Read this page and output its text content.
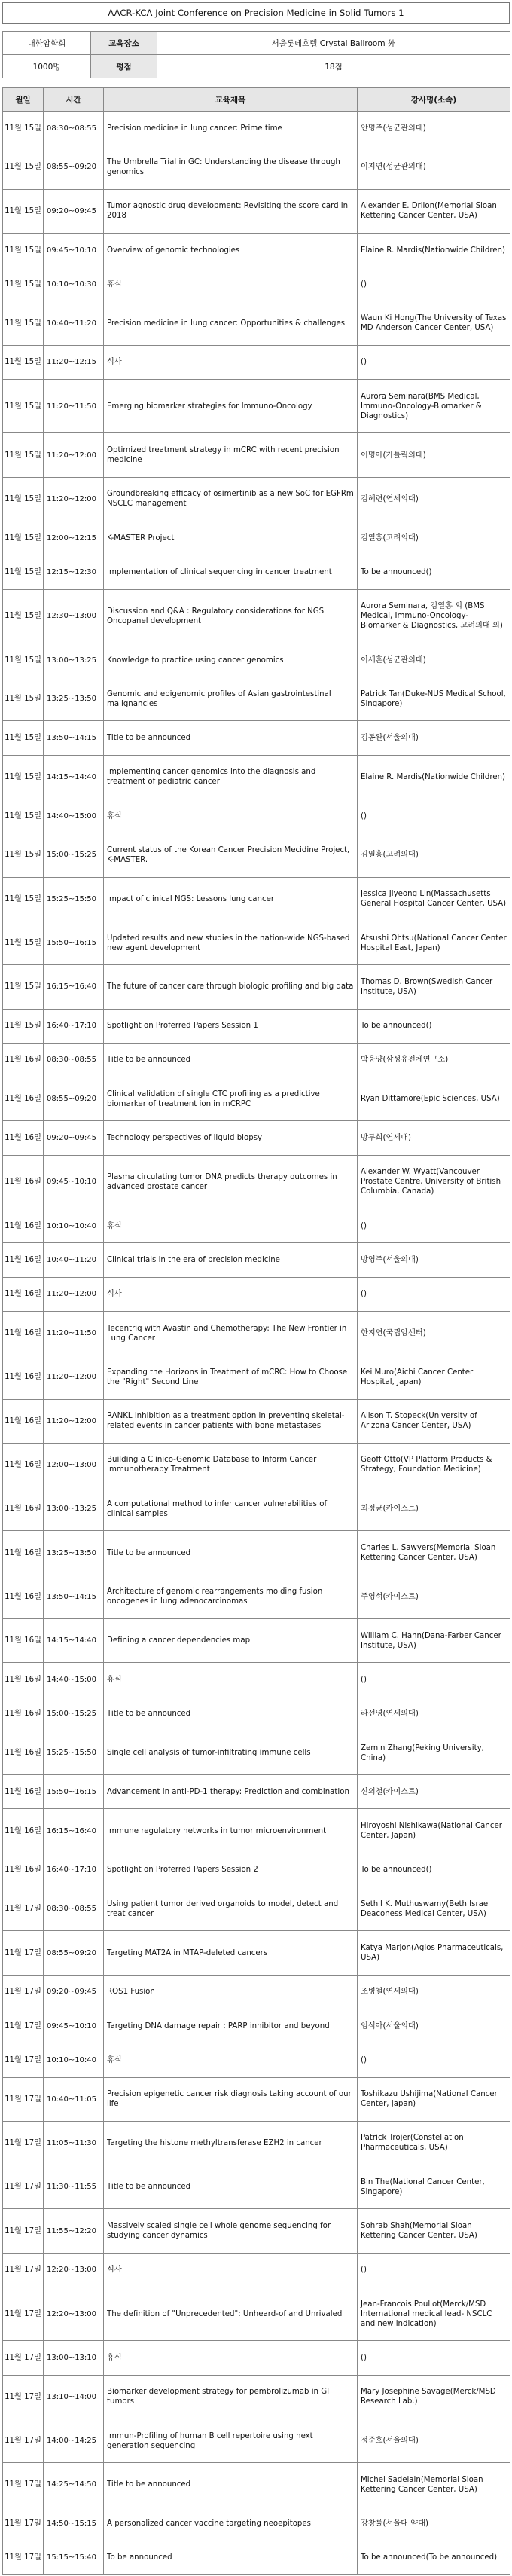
AACR-KCA Joint Conference on Precision Medicine in Solid Tumors 1
대한암학회	교육장소	서울롯데호텔 Crystal Ballroom 外
1000명	평점	18점
월일	시간	교육제목	강사명(소속)
11월 15일	08:30~08:55	Precision medicine in lung cancer: Prime time	안명주(성균관의대)
11월 15일	08:55~09:20	The Umbrella Trial in GC: Understanding the disease through genomics	이지연(성균관의대)
11월 15일	09:20~09:45	Tumor agnostic drug development: Revisiting the score card in 2018	Alexander E. Drilon(Memorial Sloan Kettering Cancer Center, USA)
11월 15일	09:45~10:10	Overview of genomic technologies	Elaine R. Mardis(Nationwide Children)
11월 15일	10:10~10:30	휴식	()
11월 15일	10:40~11:20	Precision medicine in lung cancer: Opportunities & challenges	Waun Ki Hong(The University of Texas MD Anderson Cancer Center, USA)
11월 15일	11:20~12:15	식사	()
11월 15일	11:20~11:50	Emerging biomarker strategies for Immuno-Oncology	Aurora Seminara(BMS Medical, Immuno-Oncology-Biomarker & Diagnostics)
11월 15일	11:20~12:00	Optimized treatment strategy in mCRC with recent precision medicine	이명아(가톨릭의대)
11월 15일	11:20~12:00	Groundbreaking efficacy of osimertinib as a new SoC for EGFRm NSCLC management	김혜련(연세의대)
11월 15일	12:00~12:15	K-MASTER Project	김열홍(고려의대)
11월 15일	12:15~12:30	Implementation of clinical sequencing in cancer treatment	To be announced()
11월 15일	12:30~13:00	Discussion and Q&A : Regulatory considerations for NGS Oncopanel development	Aurora Seminara, 김열홍 외 (BMS Medical, Immuno-Oncology-Biomarker & Diagnostics, 고려의대 외)
11월 15일	13:00~13:25	Knowledge to practice using cancer genomics	이세훈(성균관의대)
11월 15일	13:25~13:50	Genomic and epigenomic profiles of Asian gastrointestinal malignancies	Patrick Tan(Duke-NUS Medical School, Singapore)
11월 15일	13:50~14:15	Title to be announced	김동완(서울의대)
11월 15일	14:15~14:40	Implementing cancer genomics into the diagnosis and treatment of pediatric cancer	Elaine R. Mardis(Nationwide Children)
11월 15일	14:40~15:00	휴식	()
11월 15일	15:00~15:25	Current status of the Korean Cancer Precision Mecidine Project, K-MASTER.	김열홍(고려의대)
11월 15일	15:25~15:50	Impact of clinical NGS: Lessons lung cancer	Jessica Jiyeong Lin(Massachusetts General Hospital Cancer Center, USA)
11월 15일	15:50~16:15	Updated results and new studies in the nation-wide NGS-based new agent development	Atsushi Ohtsu(National Cancer Center Hospital East, Japan)
11월 15일	16:15~16:40	The future of cancer care through biologic profiling and big data	Thomas D. Brown(Swedish Cancer Institute, USA)
11월 15일	16:40~17:10	Spotlight on Proferred Papers Session 1	To be announced()
11월 16일	08:30~08:55	Title to be announced	박웅양(삼성유전체연구소)
11월 16일	08:55~09:20	Clinical validation of single CTC profiling as a predictive biomarker of treatment ion in mCRPC	Ryan Dittamore(Epic Sciences, USA)
11월 16일	09:20~09:45	Technology perspectives of liquid biopsy	방두희(연세대)
11월 16일	09:45~10:10	Plasma circulating tumor DNA predicts therapy outcomes in advanced prostate cancer	Alexander W. Wyatt(Vancouver Prostate Centre, University of British Columbia, Canada)
11월 16일	10:10~10:40	휴식	()
11월 16일	10:40~11:20	Clinical trials in the era of precision medicine	방영주(서울의대)
11월 16일	11:20~12:00	식사	()
11월 16일	11:20~11:50	Tecentriq with Avastin and Chemotherapy: The New Frontier in Lung Cancer	한지연(국립암센터)
11월 16일	11:20~12:00	Expanding the Horizons in Treatment of mCRC: How to Choose the "Right" Second Line	Kei Muro(Aichi Cancer Center Hospital, Japan)
11월 16일	11:20~12:00	RANKL inhibition as a treatment option in preventing skeletal-related events in cancer patients with bone metastases	Alison T. Stopeck(University of Arizona Cancer Center, USA)
11월 16일	12:00~13:00	Building a Clinico-Genomic Database to Inform Cancer Immunotherapy Treatment	Geoff Otto(VP Platform Products & Strategy, Foundation Medicine)
11월 16일	13:00~13:25	A computational method to infer cancer vulnerabilities of clinical samples	최정균(카이스트)
11월 16일	13:25~13:50	Title to be announced	Charles L. Sawyers(Memorial Sloan Kettering Cancer Center, USA)
11월 16일	13:50~14:15	Architecture of genomic rearrangements molding fusion oncogenes in lung adenocarcinomas	주영석(카이스트)
11월 16일	14:15~14:40	Defining a cancer dependencies map	William C. Hahn(Dana-Farber Cancer Institute, USA)
11월 16일	14:40~15:00	휴식	()
11월 16일	15:00~15:25	Title to be announced	라선영(연세의대)
11월 16일	15:25~15:50	Single cell analysis of tumor-infiltrating immune cells	Zemin Zhang(Peking University, China)
11월 16일	15:50~16:15	Advancement in anti-PD-1 therapy: Prediction and combination	신의철(카이스트)
11월 16일	16:15~16:40	Immune regulatory networks in tumor microenvironment	Hiroyoshi Nishikawa(National Cancer Center, Japan)
11월 16일	16:40~17:10	Spotlight on Proferred Papers Session 2	To be announced()
11월 17일	08:30~08:55	Using patient tumor derived organoids to model, detect and treat cancer	Sethil K. Muthuswamy(Beth Israel Deaconess Medical Center, USA)
11월 17일	08:55~09:20	Targeting MAT2A in MTAP-deleted cancers	Katya Marjon(Agios Pharmaceuticals, USA)
11월 17일	09:20~09:45	ROS1 Fusion	조병철(연세의대)
11월 17일	09:45~10:10	Targeting DNA damage repair : PARP inhibitor and beyond	임석아(서울의대)
11월 17일	10:10~10:40	휴식	()
11월 17일	10:40~11:05	Precision epigenetic cancer risk diagnosis taking account of our life	Toshikazu Ushijima(National Cancer Center, Japan)
11월 17일	11:05~11:30	Targeting the histone methyltransferase EZH2 in cancer	Patrick Trojer(Constellation Pharmaceuticals, USA)
11월 17일	11:30~11:55	Title to be announced	Bin The(National Cancer Center, Singapore)
11월 17일	11:55~12:20	Massively scaled single cell whole genome sequencing for studying cancer dynamics	Sohrab Shah(Memorial Sloan Kettering Cancer Center, USA)
11월 17일	12:20~13:00	식사	()
11월 17일	12:20~13:00	The definition of "Unprecedented": Unheard-of and Unrivaled	Jean-Francois Pouliot(Merck/MSD International medical lead- NSCLC and new indication)
11월 17일	13:00~13:10	휴식	()
11월 17일	13:10~14:00	Biomarker development strategy for pembrolizumab in GI tumors	Mary Josephine Savage(Merck/MSD Research Lab.)
11월 17일	14:00~14:25	Immun-Profiling of human B cell repertoire using next generation sequencing	정준호(서울의대)
11월 17일	14:25~14:50	Title to be announced	Michel Sadelain(Memorial Sloan Kettering Cancer Center, USA)
11월 17일	14:50~15:15	A personalized cancer vaccine targeting neoepitopes	강창률(서울대 약대)
11월 17일	15:15~15:40	To be announced	To be announced(To be announced)
